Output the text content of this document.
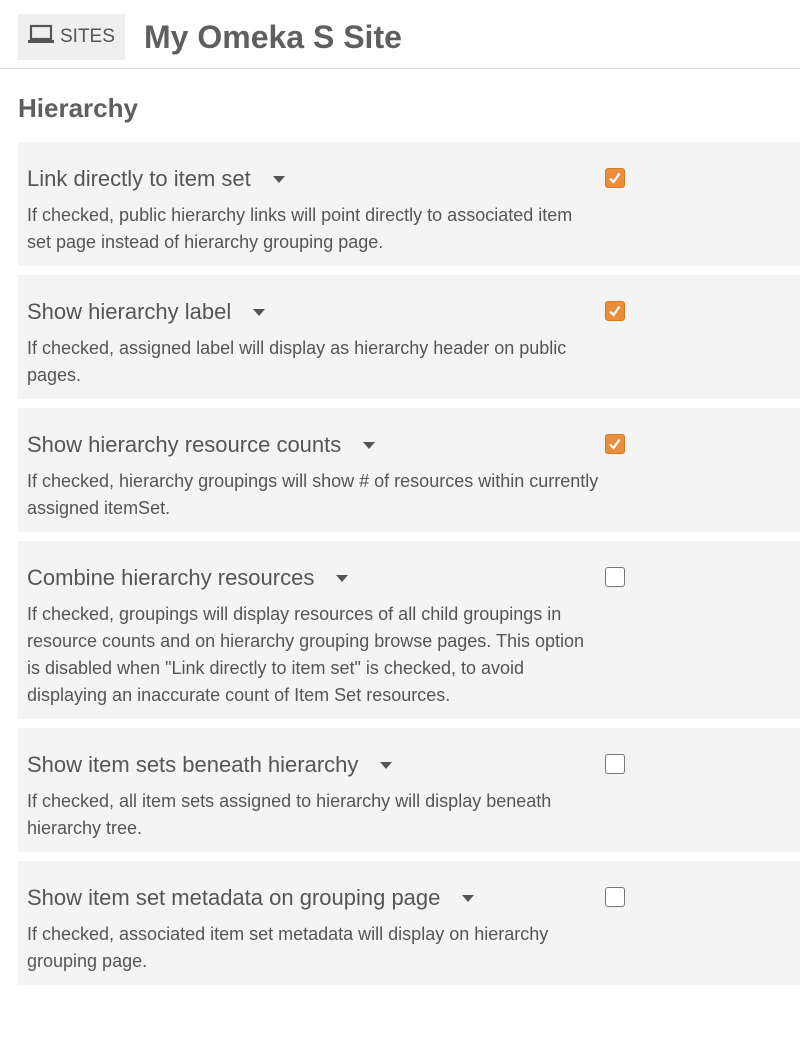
SITES My Omeka S Site
Hierarchy
Link directly to item set
If checked, public hierarchy links will point directly to associated item set page instead of hierarchy grouping page.
Show hierarchy label
If checked, assigned label will display as hierarchy header on public pages.
Show hierarchy resource counts
If checked, hierarchy groupings will show # of resources within currently assigned itemSet.
Combine hierarchy resources
If checked, groupings will display resources of all child groupings in resource counts and on hierarchy grouping browse pages. This option is disabled when "Link directly to item set" is checked, to avoid displaying an inaccurate count of Item Set resources.
Show item sets beneath hierarchy
If checked, all item sets assigned to hierarchy will display beneath hierarchy tree.
Show item set metadata on grouping page
If checked, associated item set metadata will display on hierarchy grouping page.
